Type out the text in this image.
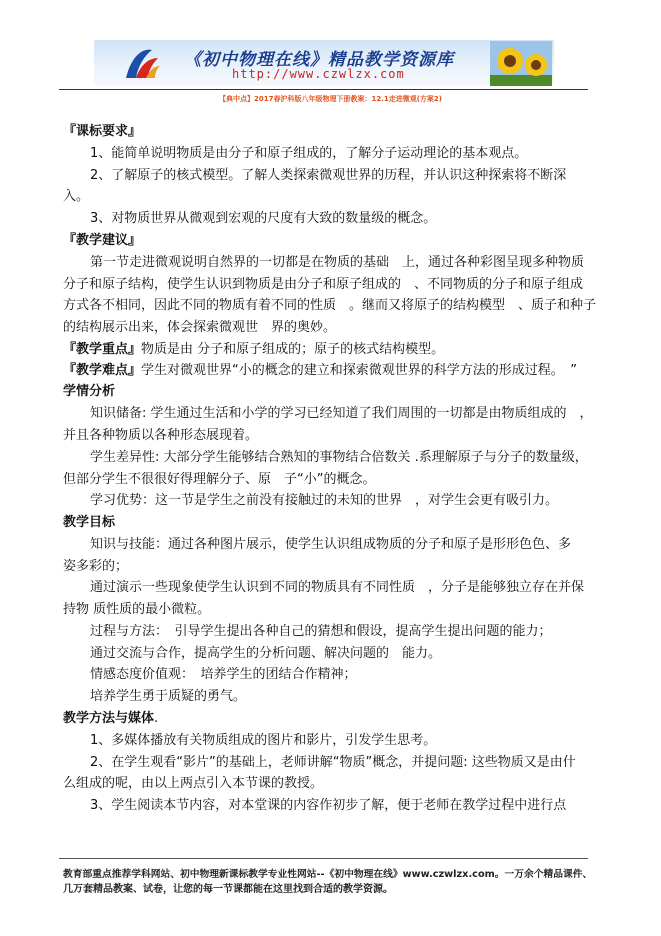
《初中物理在线》精品教学资源库
http://www.czwlzx.com
【典中点】2017春沪科版八年级物理下册教案：12.1走进微观(方案2)
『课标要求』
1、能简单说明物质是由分子和原子组成的，了解分子运动理论的基本观点。
2、了解原子的核式模型。了解人类探索微观世界的历程，并认识这种探索将不断深
入。
3、对物质世界从微观到宏观的尺度有大致的数量级的概念。
『教学建议』
第一节走进微观说明自然界的一切都是在物质的基础　上，通过各种彩图呈现多种物质
分子和原子结构，使学生认识到物质是由分子和原子组成的　、不同物质的分子和原子组成
方式各不相同，因此不同的物质有着不同的性质　。继而又将原子的结构模型　、质子和种子
的结构展示出来，体会探索微观世　界的奥妙。
『教学重点』物质是由 分子和原子组成的；原子的核式结构模型。
『教学难点』学生对微观世界“小的概念的建立和探索微观世界的科学方法的形成过程。　”
学情分析
知识储备: 学生通过生活和小学的学习已经知道了我们周围的一切都是由物质组成的　，
并且各种物质以各种形态展现着。
学生差异性: 大部分学生能够结合熟知的事物结合倍数关 .系理解原子与分子的数量级，
但部分学生不很很好得理解分子、原　子“小”的概念。
学习优势：这一节是学生之前没有接触过的未知的世界　，对学生会更有吸引力。
教学目标
知识与技能：通过各种图片展示，使学生认识组成物质的分子和原子是形形色色、多
姿多彩的；
通过演示一些现象使学生认识到不同的物质具有不同性质　，分子是能够独立存在并保
持物 质性质的最小微粒。
过程与方法：　引导学生提出各种自己的猜想和假设，提高学生提出问题的能力；
通过交流与合作，提高学生的分析问题、解决问题的　能力。
情感态度价值观：　培养学生的团结合作精神；
培养学生勇于质疑的勇气。
教学方法与媒体.
1、多媒体播放有关物质组成的图片和影片，引发学生思考。
2、在学生观看“影片”的基础上，老师讲解“物质”概念，并提问题: 这些物质又是由什
么组成的呢，由以上两点引入本节课的教授。
3、学生阅读本节内容，对本堂课的内容作初步了解，便于老师在教学过程中进行点
教育部重点推荐学科网站、初中物理新课标教学专业性网站--《初中物理在线》www.czwlzx.com。一万余个精品课件、
几万套精品教案、试卷，让您的每一节课都能在这里找到合适的教学资源。
